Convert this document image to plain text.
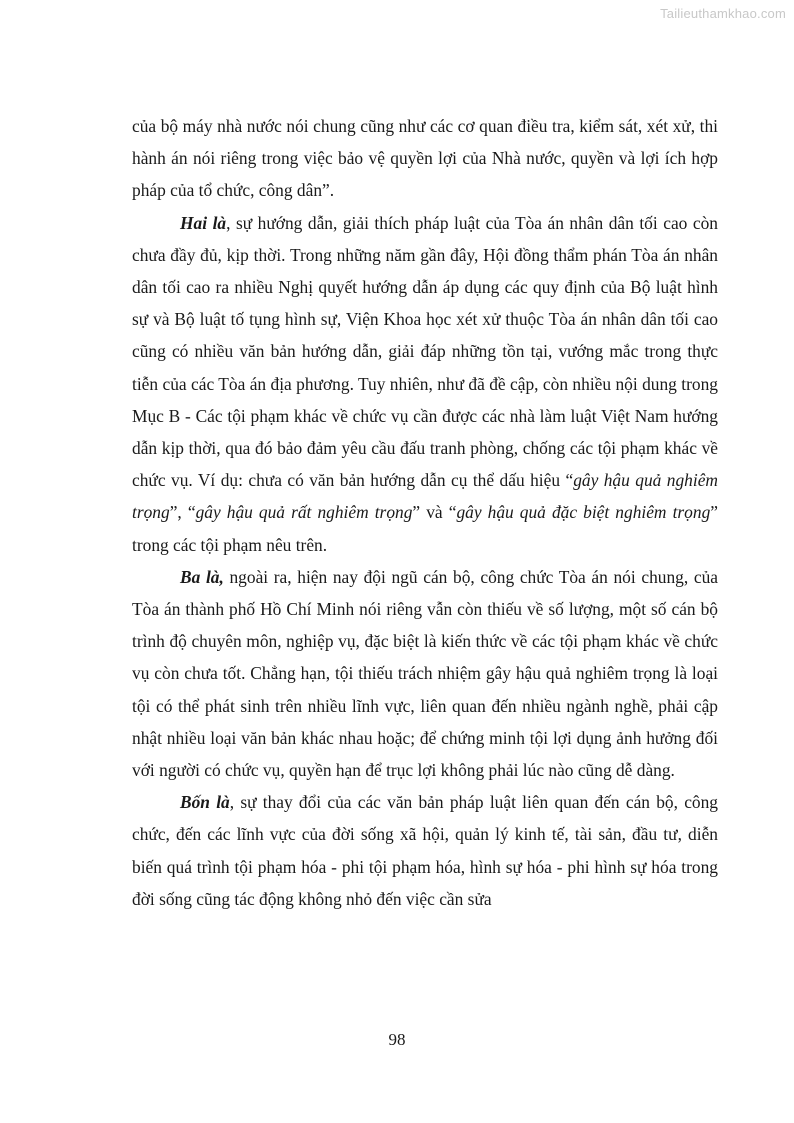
Tailieuthamkhao.com

của bộ máy nhà nước nói chung cũng như các cơ quan điều tra, kiểm sát, xét xử, thi hành án nói riêng trong việc bảo vệ quyền lợi của Nhà nước, quyền và lợi ích hợp pháp của tổ chức, công dân”.

Hai là, sự hướng dẫn, giải thích pháp luật của Tòa án nhân dân tối cao còn chưa đầy đủ, kịp thời. Trong những năm gần đây, Hội đồng thẩm phán Tòa án nhân dân tối cao ra nhiều Nghị quyết hướng dẫn áp dụng các quy định của Bộ luật hình sự và Bộ luật tố tụng hình sự, Viện Khoa học xét xử thuộc Tòa án nhân dân tối cao cũng có nhiều văn bản hướng dẫn, giải đáp những tồn tại, vướng mắc trong thực tiễn của các Tòa án địa phương. Tuy nhiên, như đã đề cập, còn nhiều nội dung trong Mục B - Các tội phạm khác về chức vụ cần được các nhà làm luật Việt Nam hướng dẫn kịp thời, qua đó bảo đảm yêu cầu đấu tranh phòng, chống các tội phạm khác về chức vụ. Ví dụ: chưa có văn bản hướng dẫn cụ thể dấu hiệu “gây hậu quả nghiêm trọng”, “gây hậu quả rất nghiêm trọng” và “gây hậu quả đặc biệt nghiêm trọng” trong các tội phạm nêu trên.

Ba là, ngoài ra, hiện nay đội ngũ cán bộ, công chức Tòa án nói chung, của Tòa án thành phố Hồ Chí Minh nói riêng vẫn còn thiếu về số lượng, một số cán bộ trình độ chuyên môn, nghiệp vụ, đặc biệt là kiến thức về các tội phạm khác về chức vụ còn chưa tốt. Chẳng hạn, tội thiếu trách nhiệm gây hậu quả nghiêm trọng là loại tội có thể phát sinh trên nhiều lĩnh vực, liên quan đến nhiều ngành nghề, phải cập nhật nhiều loại văn bản khác nhau hoặc; để chứng minh tội lợi dụng ảnh hưởng đối với người có chức vụ, quyền hạn để trục lợi không phải lúc nào cũng dễ dàng.

Bốn là, sự thay đổi của các văn bản pháp luật liên quan đến cán bộ, công chức, đến các lĩnh vực của đời sống xã hội, quản lý kinh tế, tài sản, đầu tư, diễn biến quá trình tội phạm hóa - phi tội phạm hóa, hình sự hóa - phi hình sự hóa trong đời sống cũng tác động không nhỏ đến việc cần sửa

98
